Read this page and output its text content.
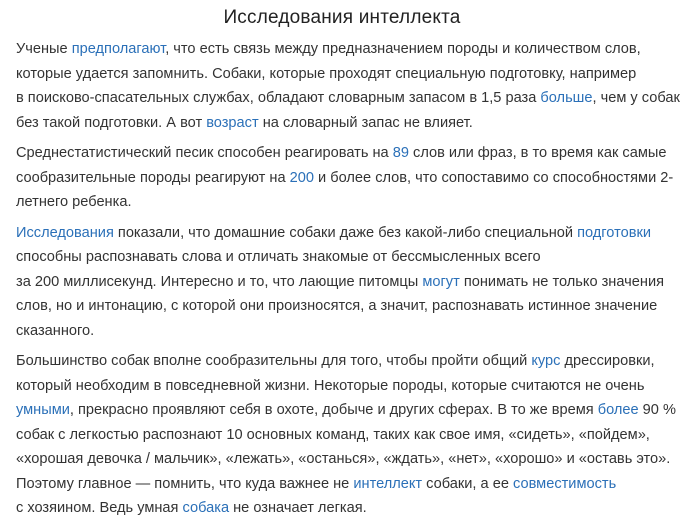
Исследования интеллекта

Ученые предполагают, что есть связь между предназначением породы и количеством слов,
которые удается запомнить. Собаки, которые проходят специальную подготовку, например
в поисково-спасательных службах, обладают словарным запасом в 1,5 раза больше, чем у собак
без такой подготовки. А вот возраст на словарный запас не влияет.

Среднестатистический песик способен реагировать на 89 слов или фраз, в то время как самые
сообразительные породы реагируют на 200 и более слов, что сопоставимо со способностями 2-
летнего ребенка.

Исследования показали, что домашние собаки даже без какой-либо специальной подготовки
способны распознавать слова и отличать знакомые от бессмысленных всего
за 200 миллисекунд. Интересно и то, что лающие питомцы могут понимать не только значения
слов, но и интонацию, с которой они произносятся, а значит, распознавать истинное значение
сказанного.

Большинство собак вполне сообразительны для того, чтобы пройти общий курс дрессировки,
который необходим в повседневной жизни. Некоторые породы, которые считаются не очень
умными, прекрасно проявляют себя в охоте, добыче и других сферах. В то же время более 90 %
собак с легкостью распознают 10 основных команд, таких как свое имя, «сидеть», «пойдем»,
«хорошая девочка / мальчик», «лежать», «останься», «ждать», «нет», «хорошо» и «оставь это».
Поэтому главное — помнить, что куда важнее не интеллект собаки, а ее совместимость
с хозяином. Ведь умная собака не означает легкая.
